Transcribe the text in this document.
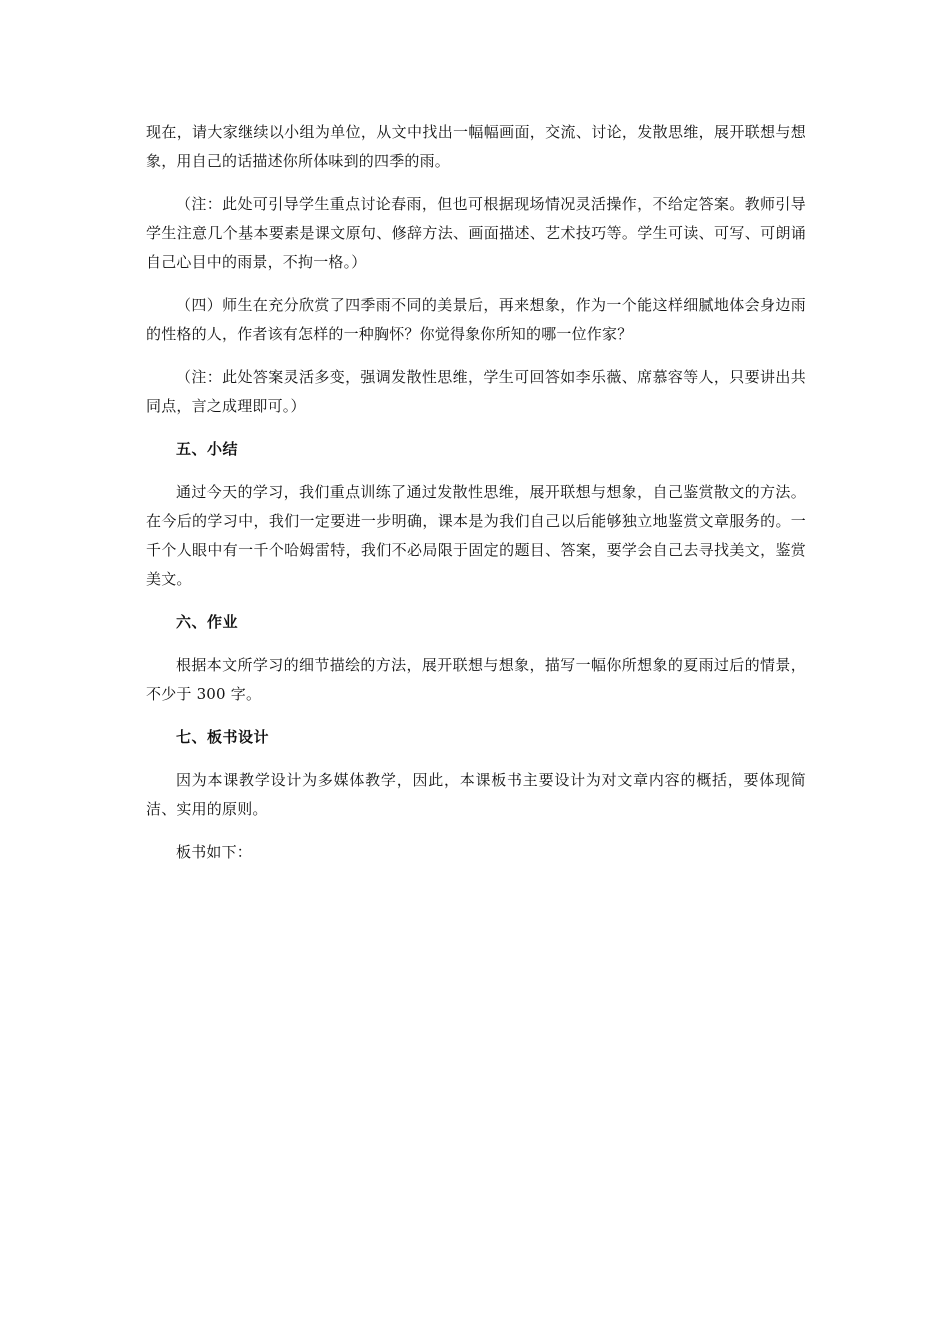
现在，请大家继续以小组为单位，从文中找出一幅幅画面，交流、讨论，发散思维，展开联想与想象，用自己的话描述你所体味到的四季的雨。

（注：此处可引导学生重点讨论春雨，但也可根据现场情况灵活操作，不给定答案。教师引导学生注意几个基本要素是课文原句、修辞方法、画面描述、艺术技巧等。学生可读、可写、可朗诵自己心目中的雨景，不拘一格。）

（四）师生在充分欣赏了四季雨不同的美景后，再来想象，作为一个能这样细腻地体会身边雨的性格的人，作者该有怎样的一种胸怀？你觉得象你所知的哪一位作家？

（注：此处答案灵活多变，强调发散性思维，学生可回答如李乐薇、席慕容等人，只要讲出共同点，言之成理即可。）

五、小结

通过今天的学习，我们重点训练了通过发散性思维，展开联想与想象，自己鉴赏散文的方法。在今后的学习中，我们一定要进一步明确，课本是为我们自己以后能够独立地鉴赏文章服务的。一千个人眼中有一千个哈姆雷特，我们不必局限于固定的题目、答案，要学会自己去寻找美文，鉴赏美文。

六、作业

根据本文所学习的细节描绘的方法，展开联想与想象，描写一幅你所想象的夏雨过后的情景，不少于 300 字。

七、板书设计

因为本课教学设计为多媒体教学，因此，本课板书主要设计为对文章内容的概括，要体现简洁、实用的原则。

板书如下：
